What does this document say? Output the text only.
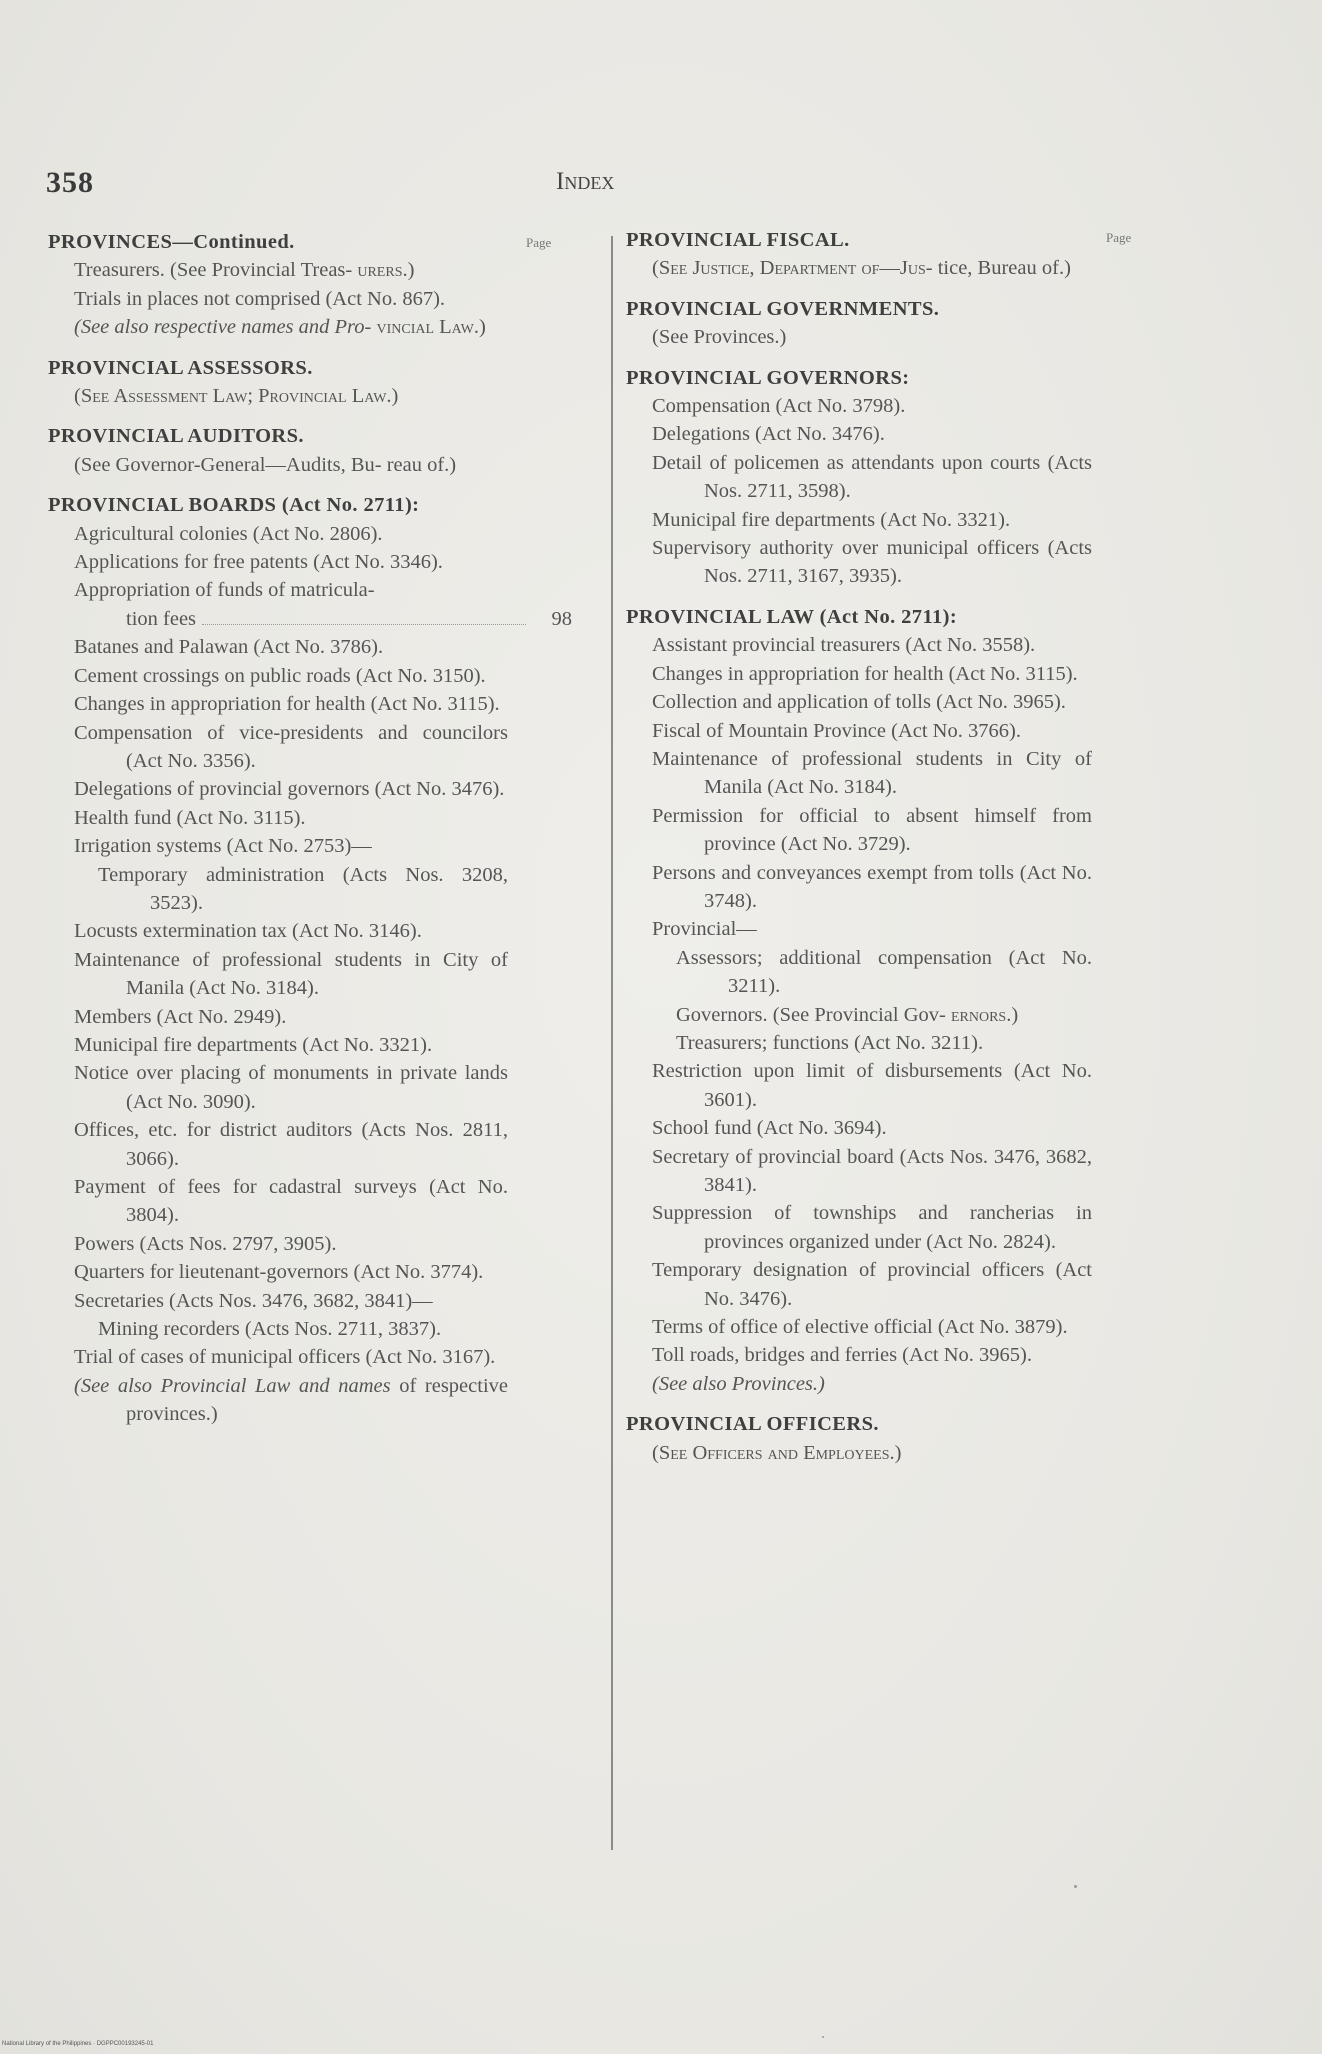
358	Index
Page	Page
PROVINCES—Continued.
Treasurers. (See Provincial Treas- urers.)
Trials in places not comprised (Act No. 867).
(See also respective names and Pro- vincial Law.)
PROVINCIAL ASSESSORS.
(See Assessment Law; Provincial Law.)
PROVINCIAL AUDITORS.
(See Governor-General—Audits, Bu- reau of.)
PROVINCIAL BOARDS (Act No. 2711):
Agricultural colonies (Act No. 2806).
Applications for free patents (Act No. 3346).
Appropriation of funds of matricula-
tion fees	98
Batanes and Palawan (Act No. 3786).
Cement crossings on public roads (Act No. 3150).
Changes in appropriation for health (Act No. 3115).
Compensation of vice-presidents and councilors (Act No. 3356).
Delegations of provincial governors (Act No. 3476).
Health fund (Act No. 3115).
Irrigation systems (Act No. 2753)—
Temporary administration (Acts Nos. 3208, 3523).
Locusts extermination tax (Act No. 3146).
Maintenance of professional students in City of Manila (Act No. 3184).
Members (Act No. 2949).
Municipal fire departments (Act No. 3321).
Notice over placing of monuments in private lands (Act No. 3090).
Offices, etc. for district auditors (Acts Nos. 2811, 3066).
Payment of fees for cadastral surveys (Act No. 3804).
Powers (Acts Nos. 2797, 3905).
Quarters for lieutenant-governors (Act No. 3774).
Secretaries (Acts Nos. 3476, 3682, 3841)—
Mining recorders (Acts Nos. 2711, 3837).
Trial of cases of municipal officers (Act No. 3167).
(See also Provincial Law and names of respective provinces.)
PROVINCIAL FISCAL.
(See Justice, Department of—Jus- tice, Bureau of.)
PROVINCIAL GOVERNMENTS.
(See Provinces.)
PROVINCIAL GOVERNORS:
Compensation (Act No. 3798).
Delegations (Act No. 3476).
Detail of policemen as attendants upon courts (Acts Nos. 2711, 3598).
Municipal fire departments (Act No. 3321).
Supervisory authority over municipal officers (Acts Nos. 2711, 3167, 3935).
PROVINCIAL LAW (Act No. 2711):
Assistant provincial treasurers (Act No. 3558).
Changes in appropriation for health (Act No. 3115).
Collection and application of tolls (Act No. 3965).
Fiscal of Mountain Province (Act No. 3766).
Maintenance of professional students in City of Manila (Act No. 3184).
Permission for official to absent himself from province (Act No. 3729).
Persons and conveyances exempt from tolls (Act No. 3748).
Provincial—
Assessors; additional compensation (Act No. 3211).
Governors. (See Provincial Gov- ernors.)
Treasurers; functions (Act No. 3211).
Restriction upon limit of disbursements (Act No. 3601).
School fund (Act No. 3694).
Secretary of provincial board (Acts Nos. 3476, 3682, 3841).
Suppression of townships and rancherias in provinces organized under (Act No. 2824).
Temporary designation of provincial officers (Act No. 3476).
Terms of office of elective official (Act No. 3879).
Toll roads, bridges and ferries (Act No. 3965).
(See also Provinces.)
PROVINCIAL OFFICERS.
(See Officers and Employees.)
National Library of the Philippines · DGPPC00193245-01
